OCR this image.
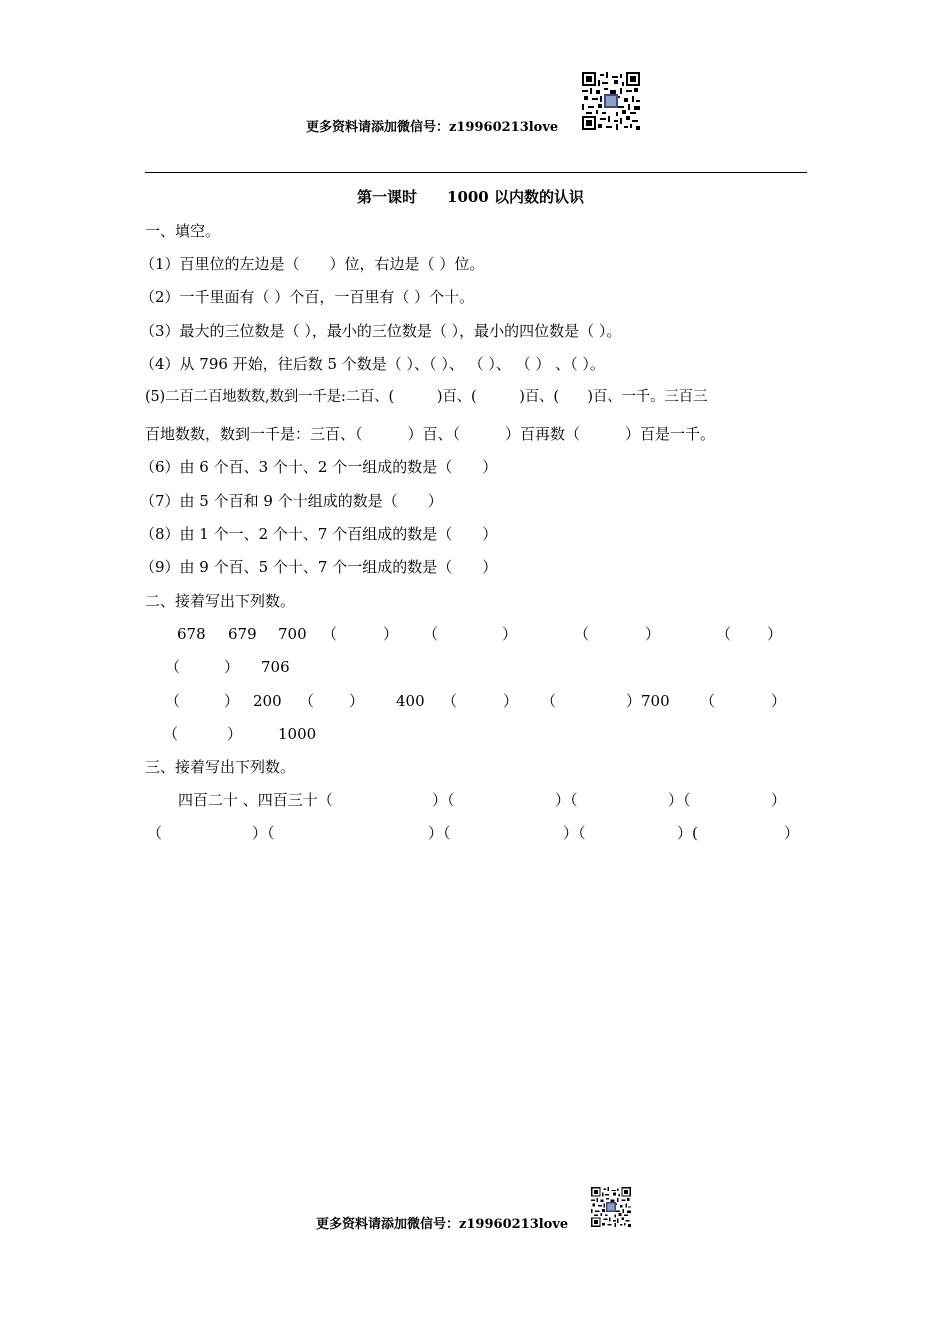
更多资料请添加微信号：z19960213love
第一课时　　1000 以内数的认识
一、填空。
（1）百里位的左边是（　　）位，右边是（ ）位。
（2）一千里面有（ ）个百，一百里有（ ）个十。
（3）最大的三位数是（ ），最小的三位数是（ ），最小的四位数是（ ）。
（4）从 796 开始，往后数 5 个数是（ ）、（ ）、 （ ）、 （ ） 、（ ）。
(5)二百二百地数数,数到一千是:二百、(　　　)百、(　　　)百、(　　)百、一千。三百三
百地数数，数到一千是：三百、（　　　）百、（　　　）百再数（　　　）百是一千。
（6）由 6 个百、3 个十、2 个一组成的数是（　　）
（7）由 5 个百和 9 个十组成的数是（　　）
（8）由 1 个一、2 个十、7 个百组成的数是（　　）
（9）由 9 个百、5 个十、7 个一组成的数是（　　）
二、接着写出下列数。
678 679 700 （	） （	）	（	）	（ ）
（	） 706
（	） 200 （ ） 400 （	） （	）700 （	）
（	） 1000
三、接着写出下列数。
四百二十 、四百三十（	）（	）（	）（	）
（	）（	）（	）（	）(	）
更多资料请添加微信号：z19960213love
